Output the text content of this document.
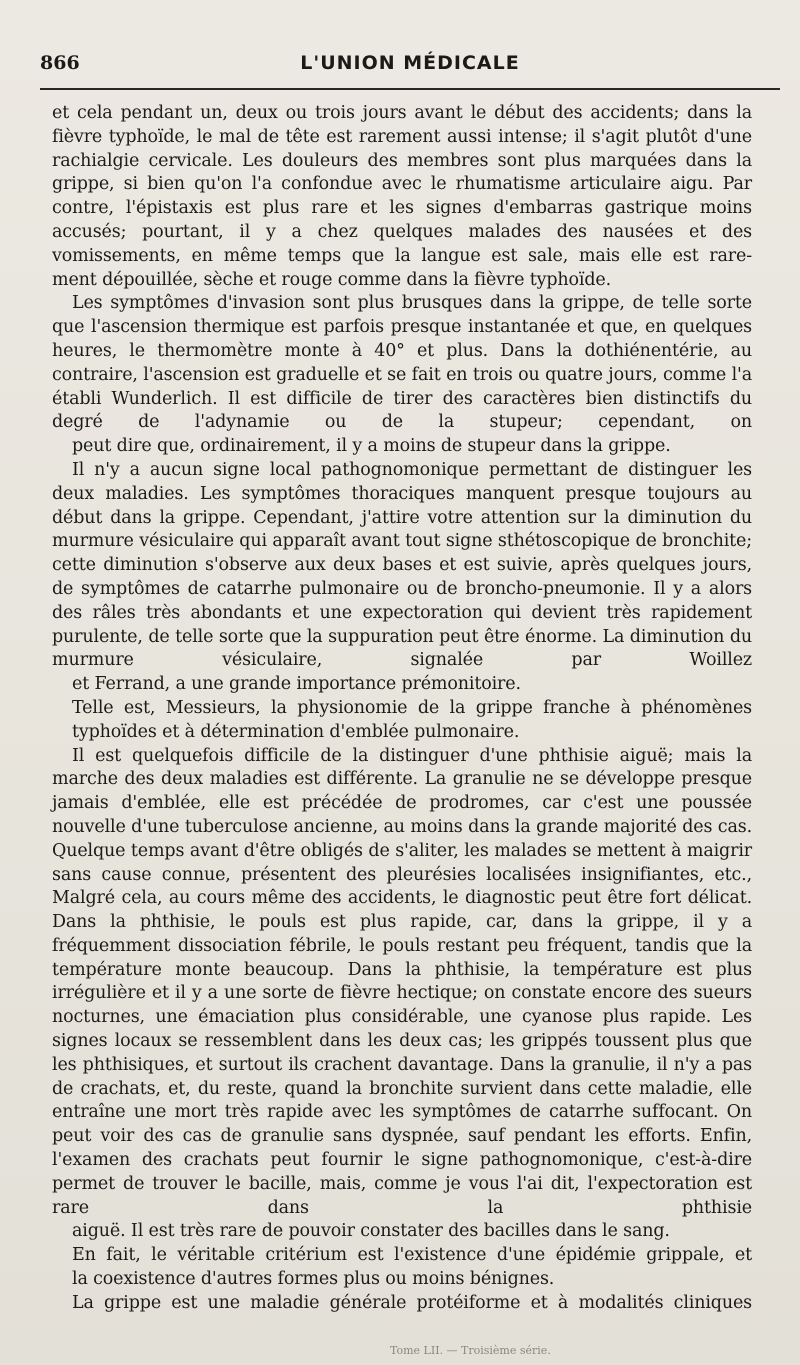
866	L'UNION MÉDICALE

et cela pendant un, deux ou trois jours avant le début des accidents; dans la fièvre typhoïde, le mal de tête est rarement aussi intense; il s'agit plutôt d'une rachialgie cervicale. Les douleurs des membres sont plus marquées dans la grippe, si bien qu'on l'a confondue avec le rhumatisme articulaire aigu. Par contre, l'épistaxis est plus rare et les signes d'embarras gastrique moins accusés; pourtant, il y a chez quelques malades des nausées et des vomissements, en même temps que la langue est sale, mais elle est rare-
ment dépouillée, sèche et rouge comme dans la fièvre typhoïde.

Les symptômes d'invasion sont plus brusques dans la grippe, de telle sorte que l'ascension thermique est parfois presque instantanée et que, en quelques heures, le thermomètre monte à 40° et plus. Dans la dothiénentérie, au contraire, l'ascension est graduelle et se fait en trois ou quatre jours, comme l'a établi Wunderlich. Il est difficile de tirer des caractères bien distinctifs du degré de l'adynamie ou de la stupeur; cependant, on
peut dire que, ordinairement, il y a moins de stupeur dans la grippe.

Il n'y a aucun signe local pathognomonique permettant de distinguer les deux maladies. Les symptômes thoraciques manquent presque toujours au début dans la grippe. Cependant, j'attire votre attention sur la diminution du murmure vésiculaire qui apparaît avant tout signe sthétoscopique de bronchite; cette diminution s'observe aux deux bases et est suivie, après quelques jours, de symptômes de catarrhe pulmonaire ou de broncho-pneumonie. Il y a alors des râles très abondants et une expectoration qui devient très rapidement purulente, de telle sorte que la suppuration peut être énorme. La diminution du murmure vésiculaire, signalée par Woillez
et Ferrand, a une grande importance prémonitoire.

Telle est, Messieurs, la physionomie de la grippe franche à phénomènes
typhoïdes et à détermination d'emblée pulmonaire.

Il est quelquefois difficile de la distinguer d'une phthisie aiguë; mais la marche des deux maladies est différente. La granulie ne se développe presque jamais d'emblée, elle est précédée de prodromes, car c'est une poussée nouvelle d'une tuberculose ancienne, au moins dans la grande majorité des cas. Quelque temps avant d'être obligés de s'aliter, les malades se mettent à maigrir sans cause connue, présentent des pleurésies localisées insignifiantes, etc., Malgré cela, au cours même des accidents, le diagnostic peut être fort délicat. Dans la phthisie, le pouls est plus rapide, car, dans la grippe, il y a fréquemment dissociation fébrile, le pouls restant peu fréquent, tandis que la température monte beaucoup. Dans la phthisie, la température est plus irrégulière et il y a une sorte de fièvre hectique; on constate encore des sueurs nocturnes, une émaciation plus considérable, une cyanose plus rapide. Les signes locaux se ressemblent dans les deux cas; les grippés toussent plus que les phthisiques, et surtout ils crachent davantage. Dans la granulie, il n'y a pas de crachats, et, du reste, quand la bronchite survient dans cette maladie, elle entraîne une mort très rapide avec les symptômes de catarrhe suffocant. On peut voir des cas de granulie sans dyspnée, sauf pendant les efforts. Enfin, l'examen des crachats peut fournir le signe pathognomonique, c'est-à-dire permet de trouver le bacille, mais, comme je vous l'ai dit, l'expectoration est rare dans la phthisie
aiguë. Il est très rare de pouvoir constater des bacilles dans le sang.

En fait, le véritable critérium est l'existence d'une épidémie grippale, et
la coexistence d'autres formes plus ou moins bénignes.

La grippe est une maladie générale protéiforme et à modalités cliniques

Tome LII. — Troisième série.
